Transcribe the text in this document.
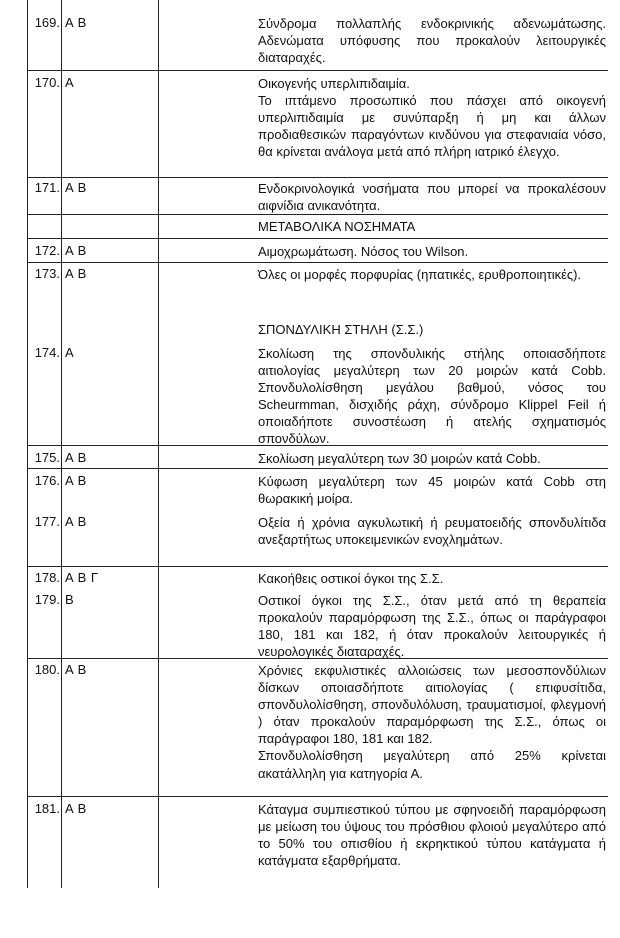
169. Α Β	Σύνδρομα πολλαπλής ενδοκρινικής αδενωμάτωσης. Αδενώματα υπόφυσης που προκαλούν λειτουργικές διαταραχές.
170. Α	Οικογενής υπερλιπιδαιμία.
Το ιπτάμενο προσωπικό που πάσχει από οικογενή υπερλιπιδαιμία με συνύπαρξη ή μη και άλλων προδιαθεσικών παραγόντων κινδύνου για στεφανιαία νόσο, θα κρίνεται ανάλογα μετά από πλήρη ιατρικό έλεγχο.
171. Α Β	Ενδοκρινολογικά νοσήματα που μπορεί να προκαλέσουν αιφνίδια ανικανότητα.
ΜΕΤΑΒΟΛΙΚΑ ΝΟΣΗΜΑΤΑ
172. Α Β	Αιμοχρωμάτωση. Νόσος του Wilson.
173. Α Β	Όλες οι μορφές πορφυρίας (ηπατικές, ερυθροποιητικές).
ΣΠΟΝΔΥΛΙΚΗ ΣΤΗΛΗ (Σ.Σ.)
174. Α	Σκολίωση της σπονδυλικής στήλης οποιασδήποτε αιτιολογίας μεγαλύτερη των 20 μοιρών κατά Cobb. Σπονδυλολίσθηση μεγάλου βαθμού, νόσος του Scheurmman, δισχιδής ράχη, σύνδρομο Klippel Feil ή οποιαδήποτε συνοστέωση ή ατελής σχηματισμός σπονδύλων.
175. Α Β	Σκολίωση μεγαλύτερη των 30 μοιρών κατά Cobb.
176. Α Β	Κύφωση μεγαλύτερη των 45 μοιρών κατά Cobb στη θωρακική μοίρα.
177. Α Β	Οξεία ή χρόνια αγκυλωτική ή ρευματοειδής σπονδυλίτιδα ανεξαρτήτως υποκειμενικών ενοχλημάτων.
178. Α Β Γ	Κακοήθεις οστικοί όγκοι της Σ.Σ.
179. Β	Οστικοί όγκοι της Σ.Σ., όταν μετά από τη θεραπεία προκαλούν παραμόρφωση της Σ.Σ., όπως οι παράγραφοι 180, 181 και 182, ή όταν προκαλούν λειτουργικές ή νευρολογικές διαταραχές.
180. Α Β	Χρόνιες εκφυλιστικές αλλοιώσεις των μεσοσπονδύλιων δίσκων οποιασδήποτε αιτιολογίας ( επιφυσίτιδα, σπονδυλολίσθηση, σπονδυλόλυση, τραυματισμοί, φλεγμονή ) όταν προκαλούν παραμόρφωση της Σ.Σ., όπως οι παράγραφοι 180, 181 και 182.
Σπονδυλολίσθηση μεγαλύτερη από 25% κρίνεται ακατάλληλη για κατηγορία Α.
181. Α Β	Κάταγμα συμπιεστικού τύπου με σφηνοειδή παραμόρφωση με μείωση του ύψους του πρόσθιου φλοιού μεγαλύτερο από το 50% του οπισθίου ή εκρηκτικού τύπου κατάγματα ή κατάγματα εξαρθρήματα.
